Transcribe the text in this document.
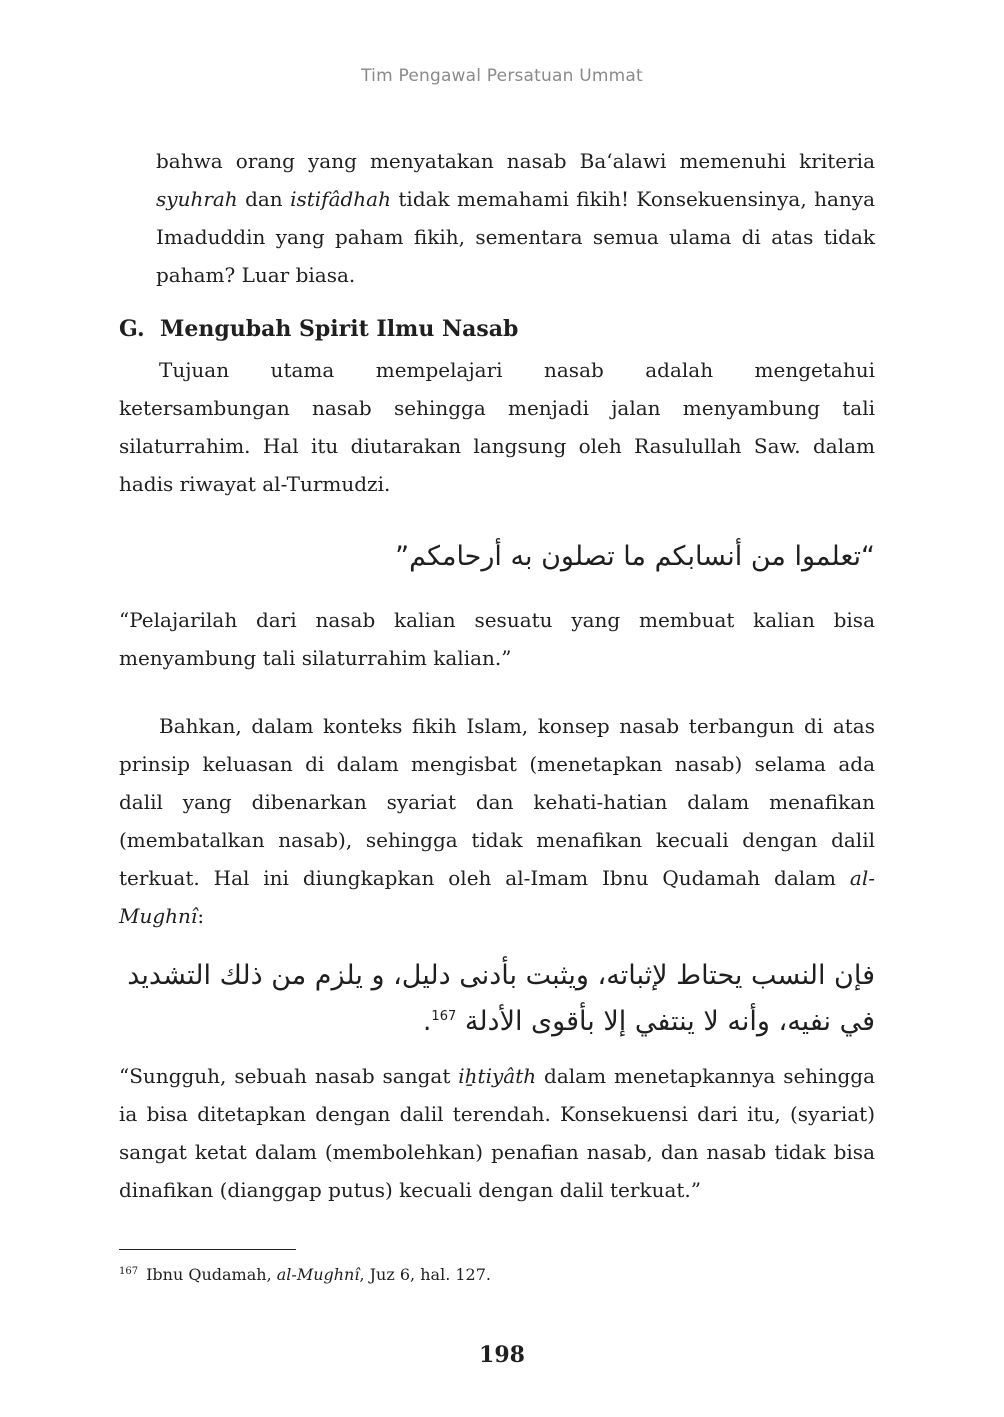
Tim Pengawal Persatuan Ummat

bahwa orang yang menyatakan nasab Ba‘alawi memenuhi kriteria syuhrah dan istifâdhah tidak memahami fikih! Konsekuensinya, hanya Imaduddin yang paham fikih, sementara semua ulama di atas tidak paham? Luar biasa.

G. Mengubah Spirit Ilmu Nasab

Tujuan utama mempelajari nasab adalah mengetahui ketersambungan nasab sehingga menjadi jalan menyambung tali silaturrahim. Hal itu diutarakan langsung oleh Rasulullah Saw. dalam hadis riwayat al-Turmudzi.

“تعلموا من أنسابكم ما تصلون به أرحامكم”

“Pelajarilah dari nasab kalian sesuatu yang membuat kalian bisa menyambung tali silaturrahim kalian.”

Bahkan, dalam konteks fikih Islam, konsep nasab terbangun di atas prinsip keluasan di dalam mengisbat (menetapkan nasab) selama ada dalil yang dibenarkan syariat dan kehati-hatian dalam menafikan (membatalkan nasab), sehingga tidak menafikan kecuali dengan dalil terkuat. Hal ini diungkapkan oleh al-Imam Ibnu Qudamah dalam al-Mughnî:

فإن النسب يحتاط لإثباته، ويثبت بأدنى دليل، و يلزم من ذلك التشديد في نفيه، وأنه لا ينتفي إلا بأقوى الأدلة $^{167}$.

“Sungguh, sebuah nasab sangat iẖtiyâth dalam menetapkannya sehingga ia bisa ditetapkan dengan dalil terendah. Konsekuensi dari itu, (syariat) sangat ketat dalam (membolehkan) penafian nasab, dan nasab tidak bisa dinafikan (dianggap putus) kecuali dengan dalil terkuat.”

$^{167}$ Ibnu Qudamah, al-Mughnî, Juz 6, hal. 127.
198
